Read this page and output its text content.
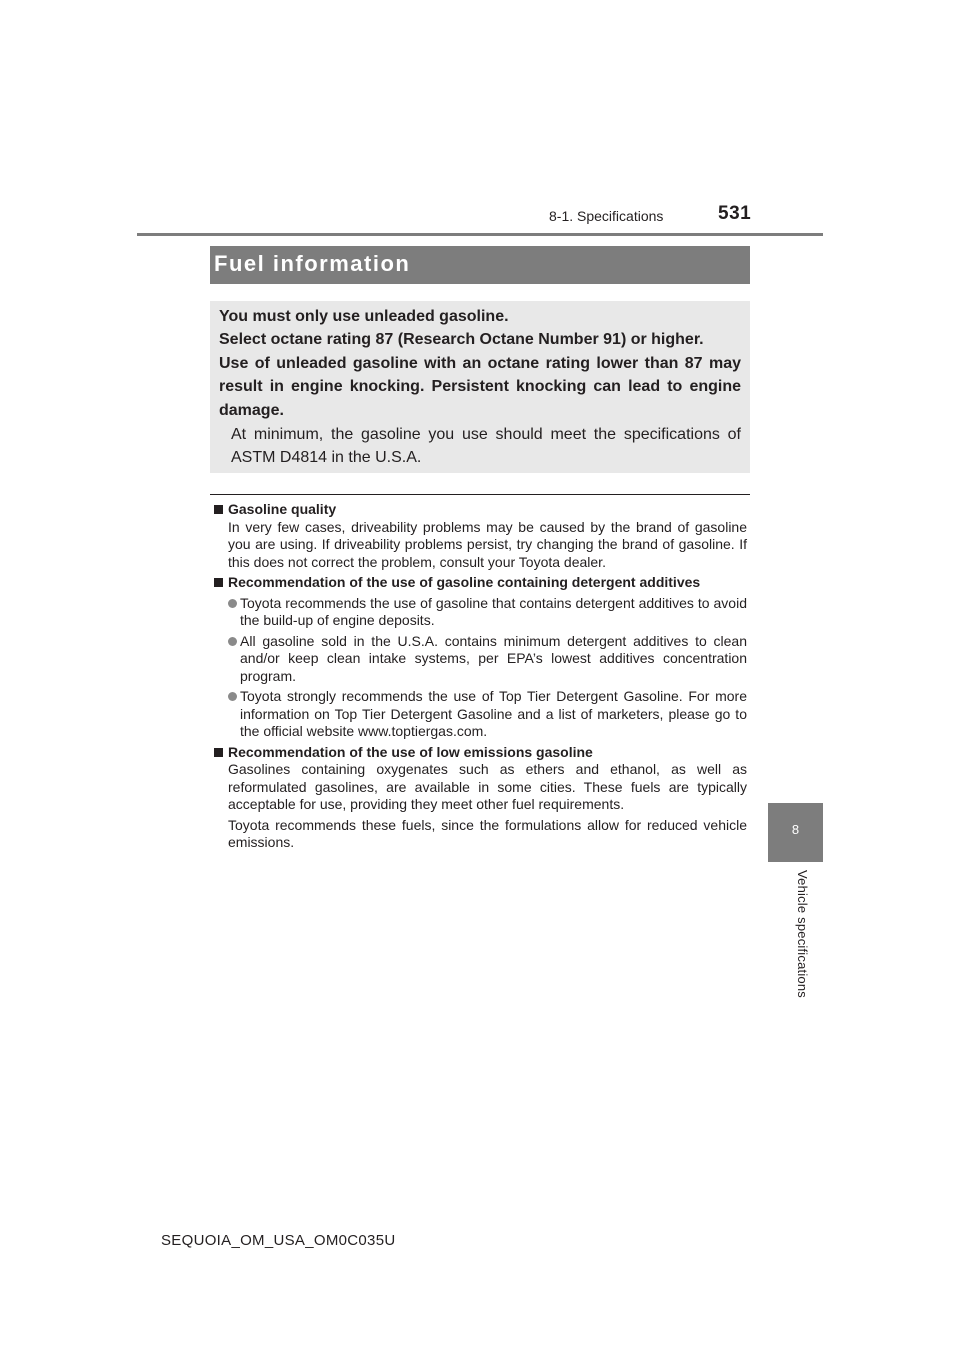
8-1. Specifications	531
8
Vehicle specifications
Fuel information
You must only use unleaded gasoline.
Select octane rating 87 (Research Octane Number 91) or higher.
Use of unleaded gasoline with an octane rating lower than 87 may result in engine knocking. Persistent knocking can lead to engine damage.

At minimum, the gasoline you use should meet the specifications of ASTM D4814 in the U.S.A.

Gasoline quality

In very few cases, driveability problems may be caused by the brand of gasoline you are using. If driveability problems persist, try changing the brand of gasoline. If this does not correct the problem, consult your Toyota dealer.

Recommendation of the use of gasoline containing detergent additives

Toyota recommends the use of gasoline that contains detergent additives to avoid the build-up of engine deposits.

All gasoline sold in the U.S.A. contains minimum detergent additives to clean and/or keep clean intake systems, per EPA’s lowest additives concentration program.

Toyota strongly recommends the use of Top Tier Detergent Gasoline. For more information on Top Tier Detergent Gasoline and a list of marketers, please go to the official website www.toptiergas.com.

Recommendation of the use of low emissions gasoline

Gasolines containing oxygenates such as ethers and ethanol, as well as reformulated gasolines, are available in some cities. These fuels are typically acceptable for use, providing they meet other fuel requirements.

Toyota recommends these fuels, since the formulations allow for reduced vehicle emissions.

SEQUOIA_OM_USA_OM0C035U
